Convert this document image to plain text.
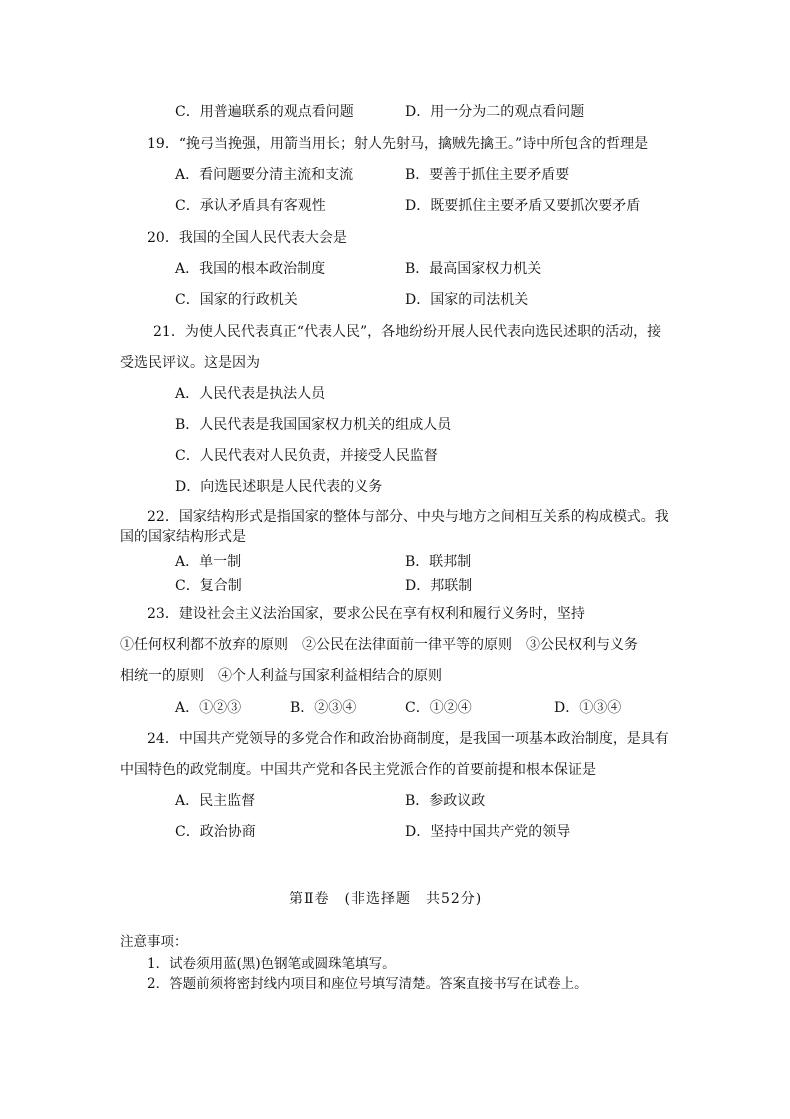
C．用普遍联系的观点看问题	D．用一分为二的观点看问题
19．“挽弓当挽强，用箭当用长；射人先射马，擒贼先擒王。”诗中所包含的哲理是
A．看问题要分清主流和支流	B．要善于抓住主要矛盾要
C．承认矛盾具有客观性	D．既要抓住主要矛盾又要抓次要矛盾
20．我国的全国人民代表大会是
A．我国的根本政治制度	B．最高国家权力机关
C．国家的行政机关	D．国家的司法机关
21．为使人民代表真正“代表人民”，各地纷纷开展人民代表向选民述职的活动，接
受选民评议。这是因为
A．人民代表是执法人员
B．人民代表是我国国家权力机关的组成人员
C．人民代表对人民负责，并接受人民监督
D．向选民述职是人民代表的义务
22．国家结构形式是指国家的整体与部分、中央与地方之间相互关系的构成模式。我
国的国家结构形式是
A．单一制	B．联邦制
C．复合制	D．邦联制
23．建设社会主义法治国家，要求公民在享有权利和履行义务时，坚持
①任何权利都不放弃的原则　②公民在法律面前一律平等的原则　③公民权利与义务
相统一的原则　④个人利益与国家利益相结合的原则
A．①②③	B．②③④	C．①②④	D．①③④
24．中国共产党领导的多党合作和政治协商制度，是我国一项基本政治制度，是具有
中国特色的政党制度。中国共产党和各民主党派合作的首要前提和根本保证是
A．民主监督	B．参政议政
C．政治协商	D．坚持中国共产党的领导
第Ⅱ卷　(非选择题　共52分)
注意事项：
1．试卷须用蓝(黑)色钢笔或圆珠笔填写。
2．答题前须将密封线内项目和座位号填写清楚。答案直接书写在试卷上。
